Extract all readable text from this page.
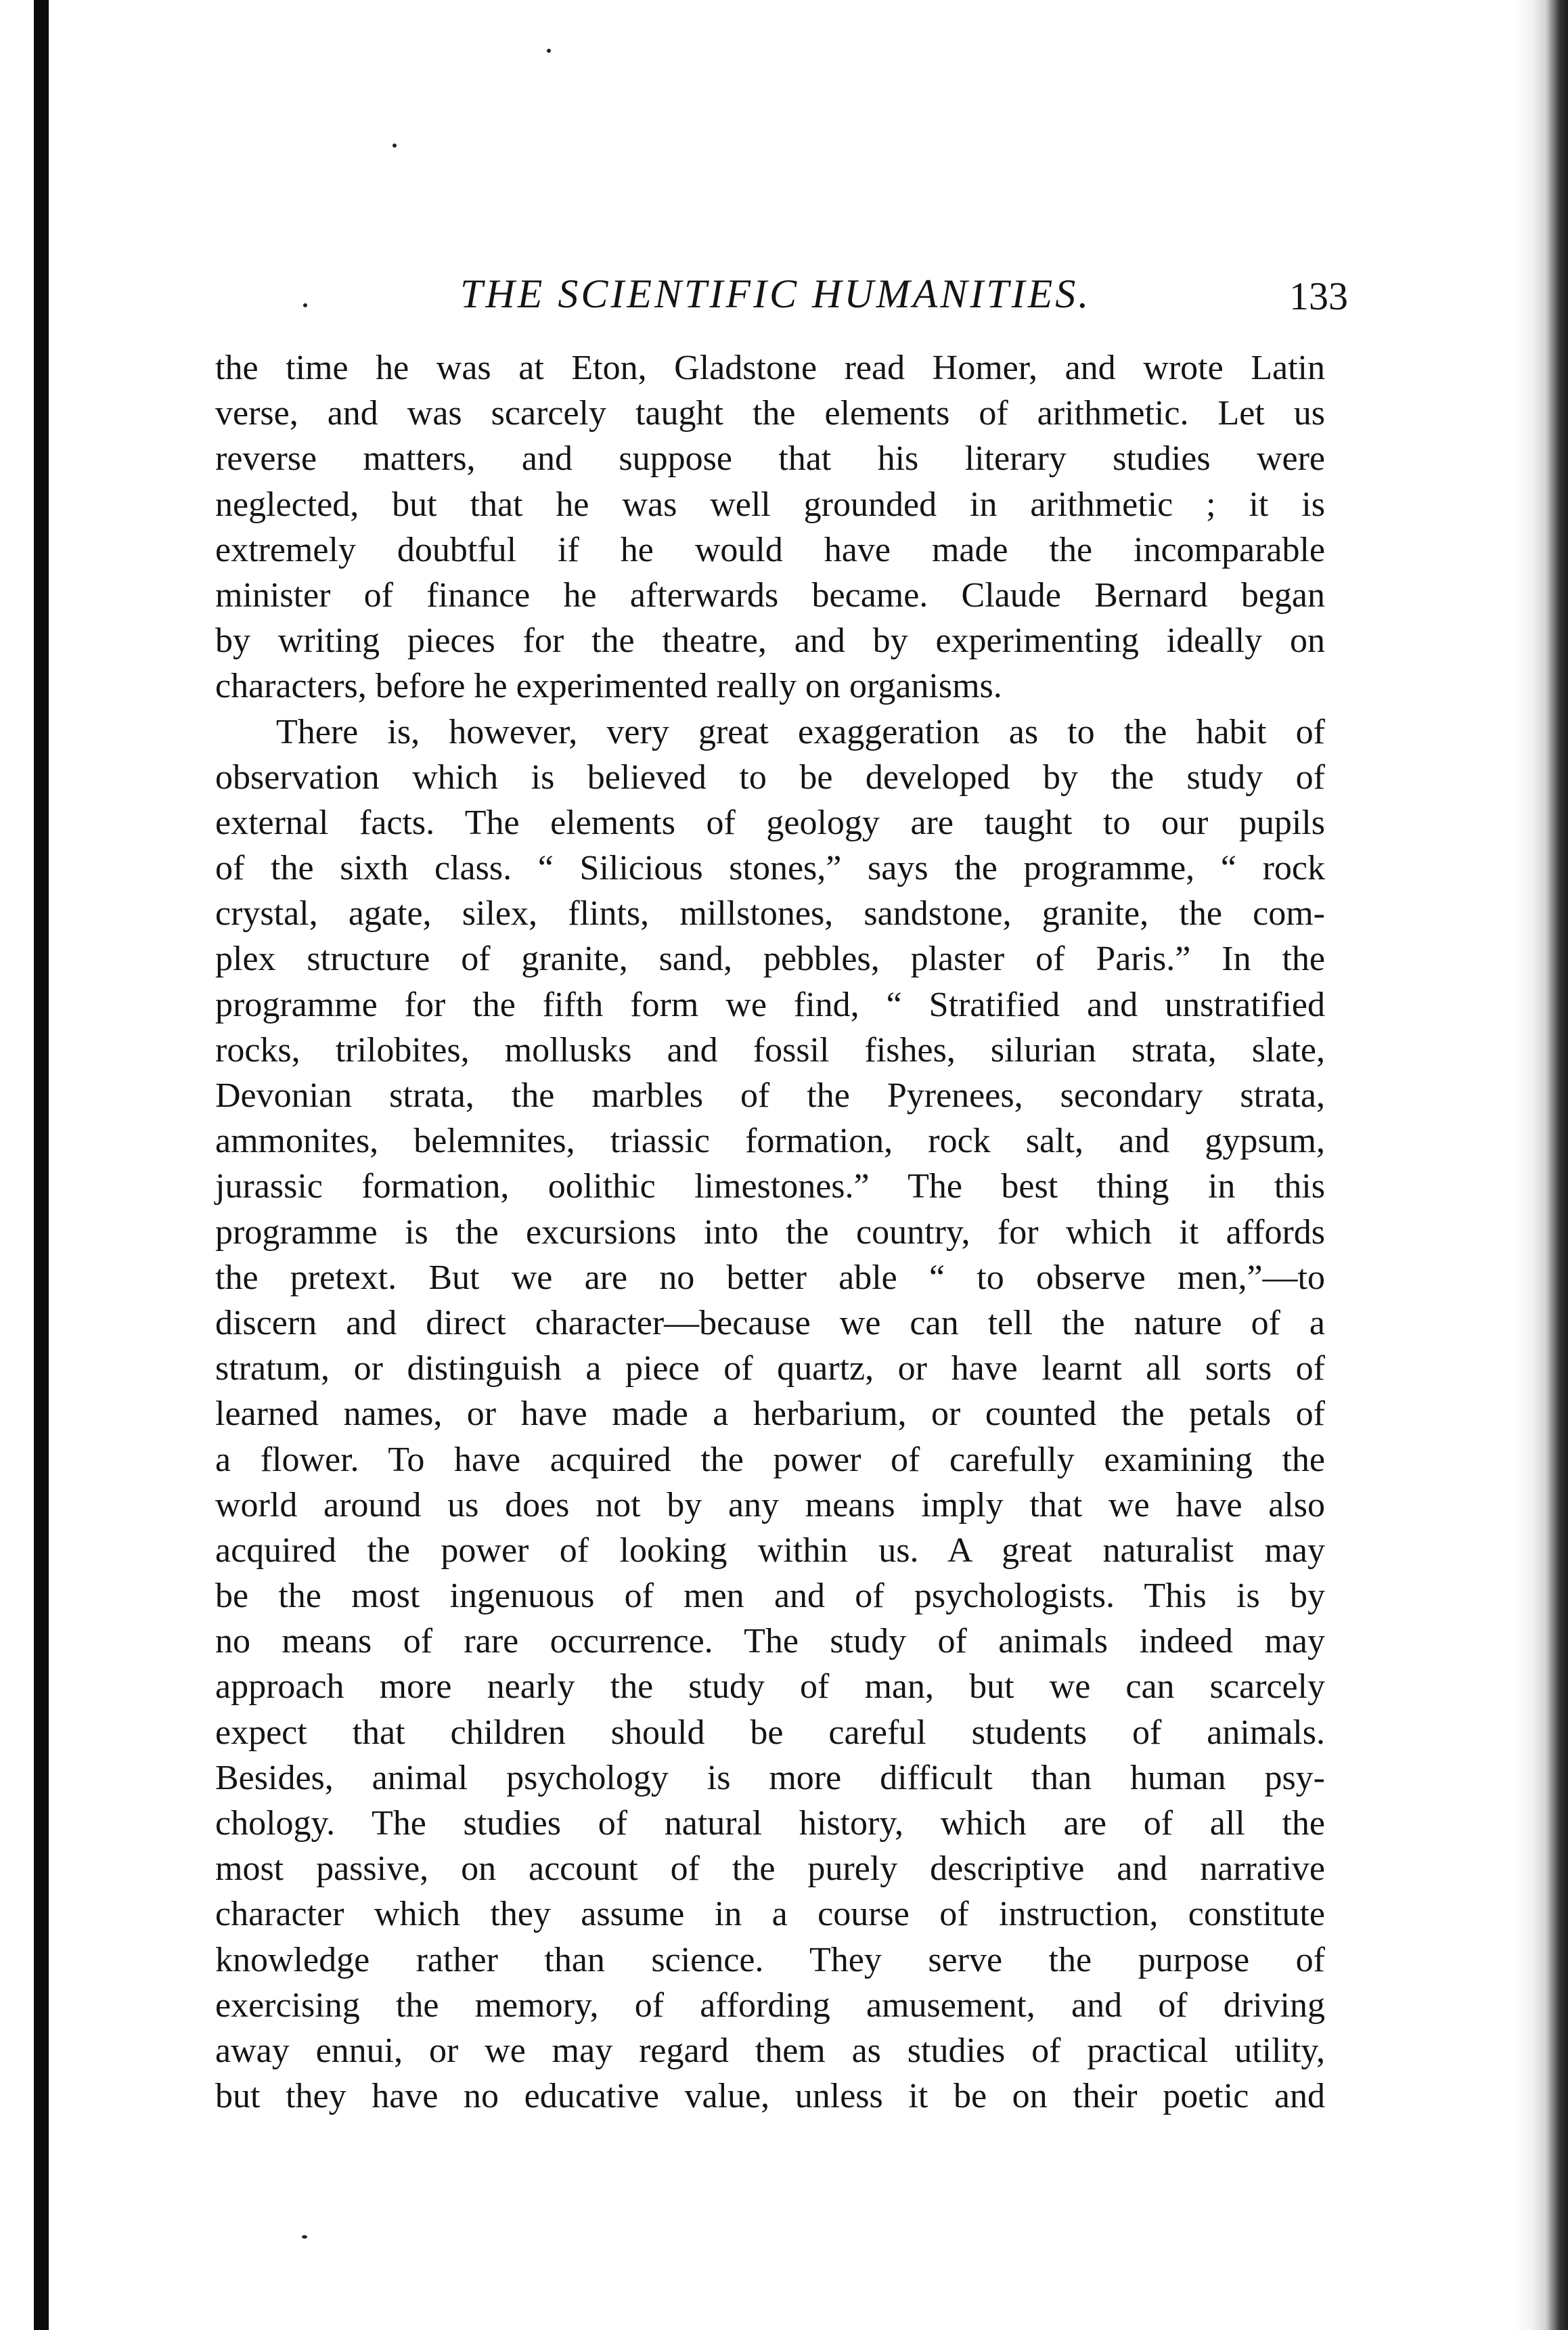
THE SCIENTIFIC HUMANITIES.	133
the time he was at Eton, Gladstone read Homer, and wrote Latin
verse, and was scarcely taught the elements of arithmetic. Let us
reverse matters, and suppose that his literary studies were
neglected, but that he was well grounded in arithmetic ; it is
extremely doubtful if he would have made the incomparable
minister of finance he afterwards became. Claude Bernard began
by writing pieces for the theatre, and by experimenting ideally on
characters, before he experimented really on organisms.
There is, however, very great exaggeration as to the habit of
observation which is believed to be developed by the study of
external facts. The elements of geology are taught to our pupils
of the sixth class. “ Silicious stones,” says the programme, “ rock
crystal, agate, silex, flints, millstones, sandstone, granite, the com-
plex structure of granite, sand, pebbles, plaster of Paris.” In the
programme for the fifth form we find, “ Stratified and unstratified
rocks, trilobites, mollusks and fossil fishes, silurian strata, slate,
Devonian strata, the marbles of the Pyrenees, secondary strata,
ammonites, belemnites, triassic formation, rock salt, and gypsum,
jurassic formation, oolithic limestones.” The best thing in this
programme is the excursions into the country, for which it affords
the pretext. But we are no better able “ to observe men,”—to
discern and direct character—because we can tell the nature of a
stratum, or distinguish a piece of quartz, or have learnt all sorts of
learned names, or have made a herbarium, or counted the petals of
a flower. To have acquired the power of carefully examining the
world around us does not by any means imply that we have also
acquired the power of looking within us. A great naturalist may
be the most ingenuous of men and of psychologists. This is by
no means of rare occurrence. The study of animals indeed may
approach more nearly the study of man, but we can scarcely
expect that children should be careful students of animals.
Besides, animal psychology is more difficult than human psy-
chology. The studies of natural history, which are of all the
most passive, on account of the purely descriptive and narrative
character which they assume in a course of instruction, constitute
knowledge rather than science. They serve the purpose of
exercising the memory, of affording amusement, and of driving
away ennui, or we may regard them as studies of practical utility,
but they have no educative value, unless it be on their poetic and
